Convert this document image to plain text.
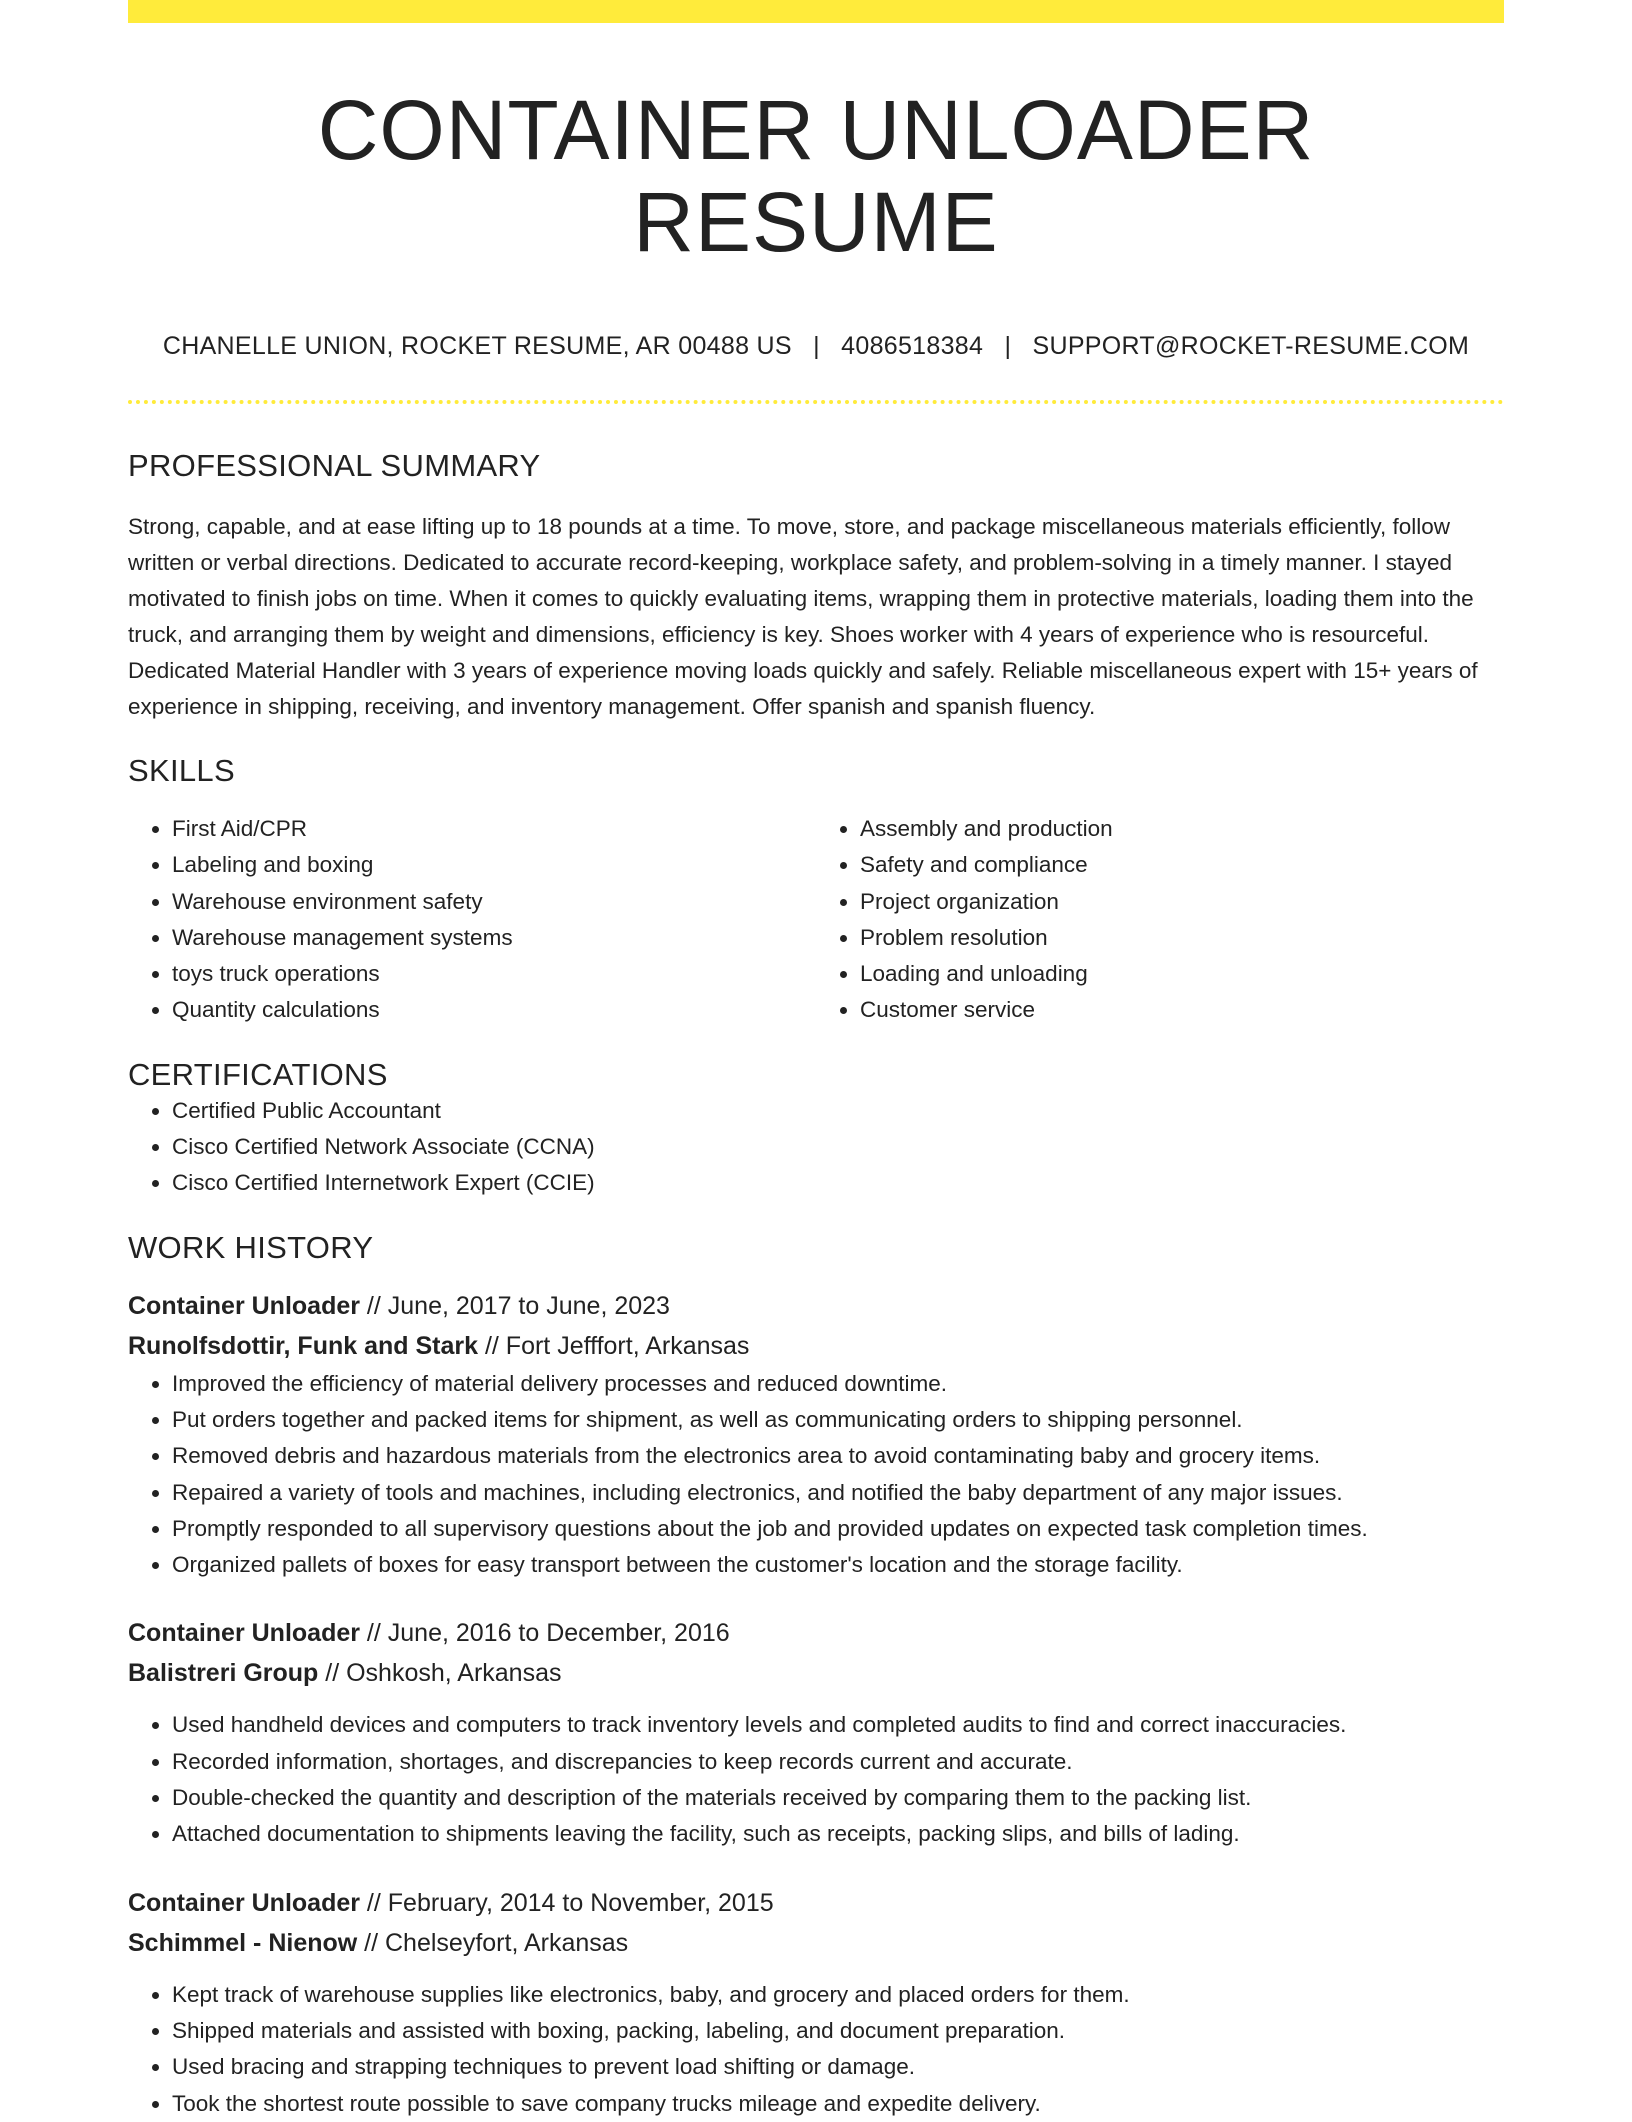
CONTAINER UNLOADER RESUME
CHANELLE UNION, ROCKET RESUME, AR 00488 US | 4086518384 | SUPPORT@ROCKET-RESUME.COM
PROFESSIONAL SUMMARY

Strong, capable, and at ease lifting up to 18 pounds at a time. To move, store, and package miscellaneous materials efficiently, follow written or verbal directions. Dedicated to accurate record-keeping, workplace safety, and problem-solving in a timely manner. I stayed motivated to finish jobs on time. When it comes to quickly evaluating items, wrapping them in protective materials, loading them into the truck, and arranging them by weight and dimensions, efficiency is key. Shoes worker with 4 years of experience who is resourceful. Dedicated Material Handler with 3 years of experience moving loads quickly and safely. Reliable miscellaneous expert with 15+ years of experience in shipping, receiving, and inventory management. Offer spanish and spanish fluency.

SKILLS
• First Aid/CPR
• Labeling and boxing
• Warehouse environment safety
• Warehouse management systems
• toys truck operations
• Quantity calculations
• Assembly and production
• Safety and compliance
• Project organization
• Problem resolution
• Loading and unloading
• Customer service
CERTIFICATIONS
• Certified Public Accountant
• Cisco Certified Network Associate (CCNA)
• Cisco Certified Internetwork Expert (CCIE)
WORK HISTORY
Container Unloader // June, 2017 to June, 2023
Runolfsdottir, Funk and Stark // Fort Jefffort, Arkansas
• Improved the efficiency of material delivery processes and reduced downtime.
• Put orders together and packed items for shipment, as well as communicating orders to shipping personnel.
• Removed debris and hazardous materials from the electronics area to avoid contaminating baby and grocery items.
• Repaired a variety of tools and machines, including electronics, and notified the baby department of any major issues.
• Promptly responded to all supervisory questions about the job and provided updates on expected task completion times.
• Organized pallets of boxes for easy transport between the customer's location and the storage facility.
Container Unloader // June, 2016 to December, 2016
Balistreri Group // Oshkosh, Arkansas
• Used handheld devices and computers to track inventory levels and completed audits to find and correct inaccuracies.
• Recorded information, shortages, and discrepancies to keep records current and accurate.
• Double-checked the quantity and description of the materials received by comparing them to the packing list.
• Attached documentation to shipments leaving the facility, such as receipts, packing slips, and bills of lading.
Container Unloader // February, 2014 to November, 2015
Schimmel - Nienow // Chelseyfort, Arkansas
• Kept track of warehouse supplies like electronics, baby, and grocery and placed orders for them.
• Shipped materials and assisted with boxing, packing, labeling, and document preparation.
• Used bracing and strapping techniques to prevent load shifting or damage.
• Took the shortest route possible to save company trucks mileage and expedite delivery.
